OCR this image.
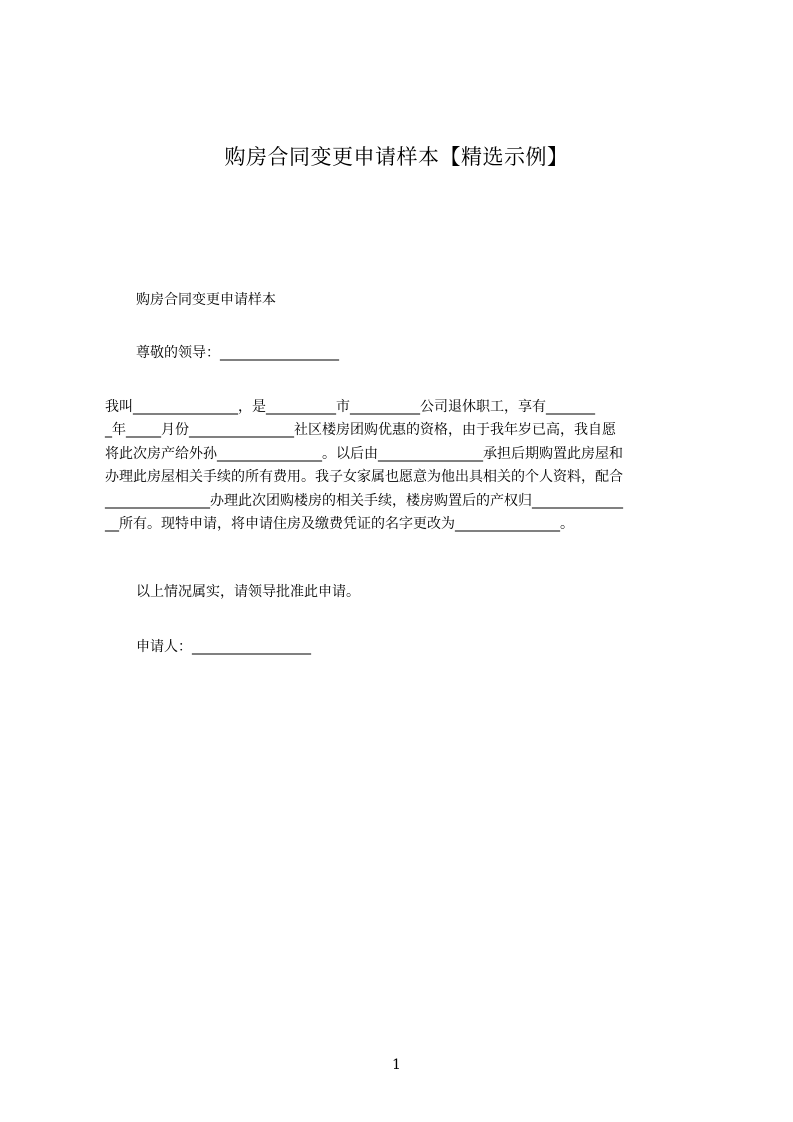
购房合同变更申请样本【精选示例】
购房合同变更申请样本
尊敬的领导：_________________
我叫_______________，是__________市__________公司退休职工，享有_______
_年_____月份_______________社区楼房团购优惠的资格，由于我年岁已高，我自愿
将此次房产给外孙_______________。以后由_______________承担后期购置此房屋和
办理此房屋相关手续的所有费用。我子女家属也愿意为他出具相关的个人资料，配合
_______________办理此次团购楼房的相关手续，楼房购置后的产权归_____________
__所有。现特申请，将申请住房及缴费凭证的名字更改为_______________。
以上情况属实，请领导批准此申请。
申请人：_________________
1
